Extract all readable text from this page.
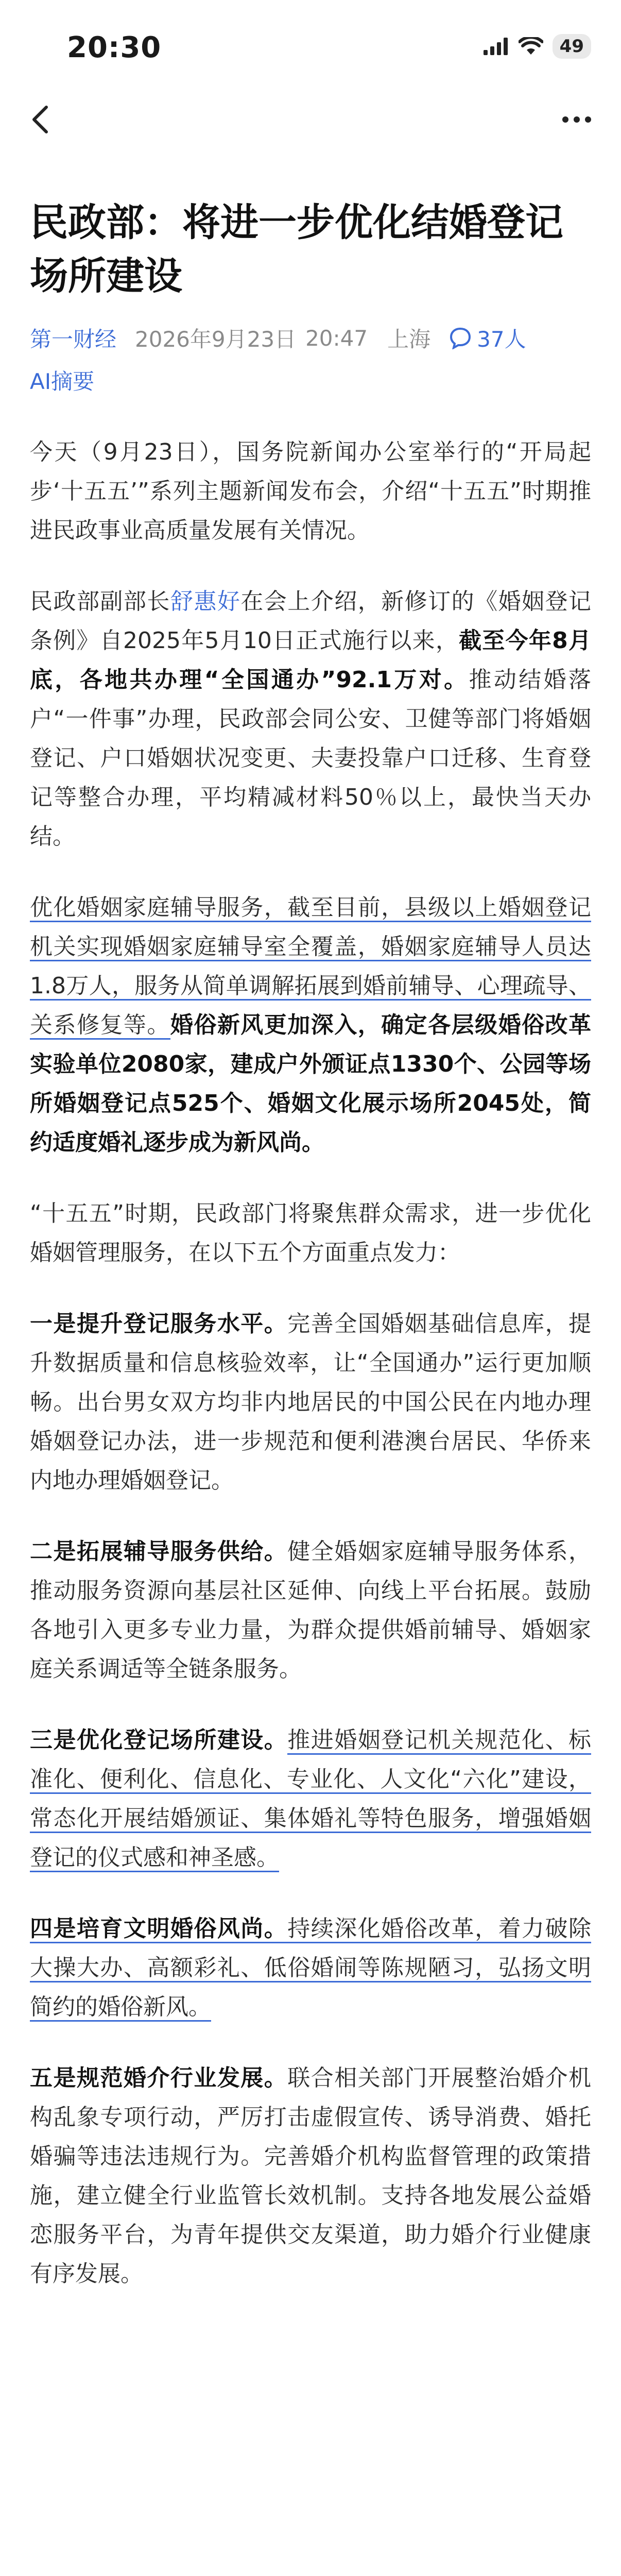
20:30	49
民政部：将进一步优化结婚登记场所建设
第一财经 2026年9月23日 20:47 上海 37人
AI摘要

今天（9月23日），国务院新闻办公室举行的“开局起步‘十五五’”系列主题新闻发布会，介绍“十五五”时期推进民政事业高质量发展有关情况。

民政部副部长舒惠好在会上介绍，新修订的《婚姻登记条例》自2025年5月10日正式施行以来，截至今年8月底，各地共办理“全国通办”92.1万对。推动结婚落户“一件事”办理，民政部会同公安、卫健等部门将婚姻登记、户口婚姻状况变更、夫妻投靠户口迁移、生育登记等整合办理，平均精减材料50％以上，最快当天办结。

优化婚姻家庭辅导服务，截至目前，县级以上婚姻登记机关实现婚姻家庭辅导室全覆盖，婚姻家庭辅导人员达1.8万人，服务从简单调解拓展到婚前辅导、心理疏导、关系修复等。婚俗新风更加深入，确定各层级婚俗改革实验单位2080家，建成户外颁证点1330个、公园等场所婚姻登记点525个、婚姻文化展示场所2045处，简约适度婚礼逐步成为新风尚。

“十五五”时期，民政部门将聚焦群众需求，进一步优化婚姻管理服务，在以下五个方面重点发力：

一是提升登记服务水平。完善全国婚姻基础信息库，提升数据质量和信息核验效率，让“全国通办”运行更加顺畅。出台男女双方均非内地居民的中国公民在内地办理婚姻登记办法，进一步规范和便利港澳台居民、华侨来内地办理婚姻登记。

二是拓展辅导服务供给。健全婚姻家庭辅导服务体系，推动服务资源向基层社区延伸、向线上平台拓展。鼓励各地引入更多专业力量，为群众提供婚前辅导、婚姻家庭关系调适等全链条服务。

三是优化登记场所建设。推进婚姻登记机关规范化、标准化、便利化、信息化、专业化、人文化“六化”建设，常态化开展结婚颁证、集体婚礼等特色服务，增强婚姻登记的仪式感和神圣感。

四是培育文明婚俗风尚。持续深化婚俗改革，着力破除大操大办、高额彩礼、低俗婚闹等陈规陋习，弘扬文明简约的婚俗新风。

五是规范婚介行业发展。联合相关部门开展整治婚介机构乱象专项行动，严厉打击虚假宣传、诱导消费、婚托婚骗等违法违规行为。完善婚介机构监督管理的政策措施，建立健全行业监管长效机制。支持各地发展公益婚恋服务平台，为青年提供交友渠道，助力婚介行业健康有序发展。
